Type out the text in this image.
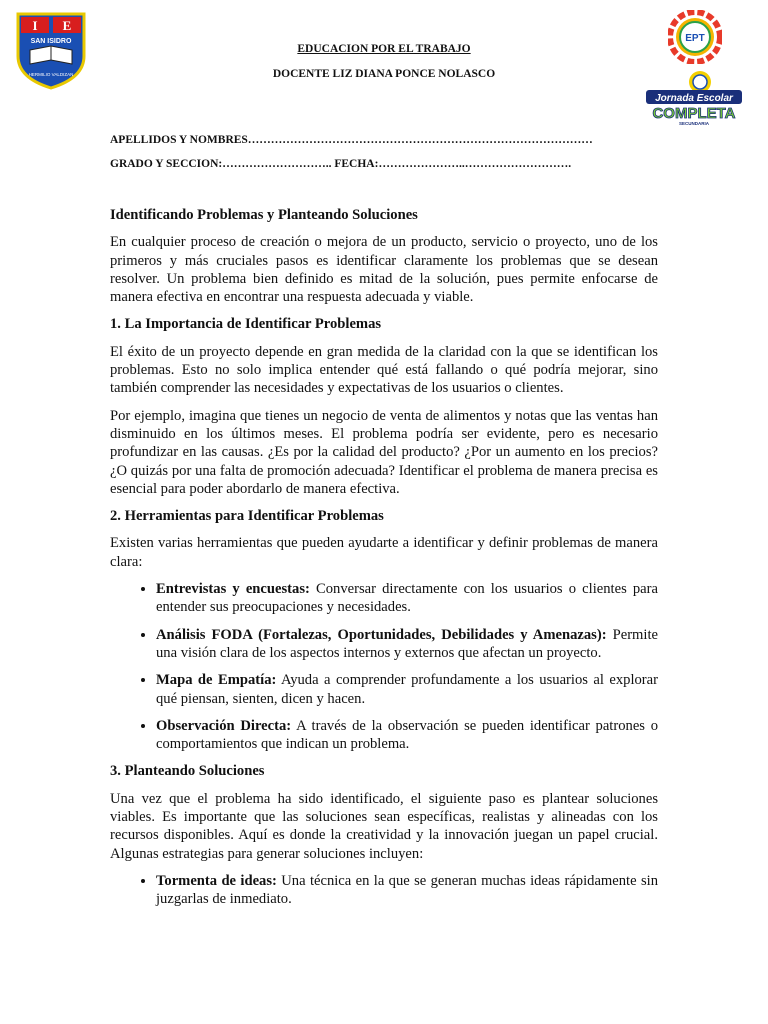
I E
SAN ISIDRO
HERMILIO VALDIZAN
EPT
Jornada Escolar
COMPLETA
SECUNDARIA
EDUCACION POR EL TRABAJO
DOCENTE LIZ DIANA PONCE NOLASCO
APELLIDOS Y NOMBRES………………………………………………………………………………
GRADO Y SECCION:……………………….. FECHA:…………………..……………………….

Identificando Problemas y Planteando Soluciones

En cualquier proceso de creación o mejora de un producto, servicio o proyecto, uno de los primeros y más cruciales pasos es identificar claramente los problemas que se desean resolver. Un problema bien definido es mitad de la solución, pues permite enfocarse de manera efectiva en encontrar una respuesta adecuada y viable.

1. La Importancia de Identificar Problemas

El éxito de un proyecto depende en gran medida de la claridad con la que se identifican los problemas. Esto no solo implica entender qué está fallando o qué podría mejorar, sino también comprender las necesidades y expectativas de los usuarios o clientes.

Por ejemplo, imagina que tienes un negocio de venta de alimentos y notas que las ventas han disminuido en los últimos meses. El problema podría ser evidente, pero es necesario profundizar en las causas. ¿Es por la calidad del producto? ¿Por un aumento en los precios? ¿O quizás por una falta de promoción adecuada? Identificar el problema de manera precisa es esencial para poder abordarlo de manera efectiva.

2. Herramientas para Identificar Problemas

Existen varias herramientas que pueden ayudarte a identificar y definir problemas de manera clara:

• Entrevistas y encuestas: Conversar directamente con los usuarios o clientes para entender sus preocupaciones y necesidades.
• Análisis FODA (Fortalezas, Oportunidades, Debilidades y Amenazas): Permite una visión clara de los aspectos internos y externos que afectan un proyecto.
• Mapa de Empatía: Ayuda a comprender profundamente a los usuarios al explorar qué piensan, sienten, dicen y hacen.
• Observación Directa: A través de la observación se pueden identificar patrones o comportamientos que indican un problema.

3. Planteando Soluciones

Una vez que el problema ha sido identificado, el siguiente paso es plantear soluciones viables. Es importante que las soluciones sean específicas, realistas y alineadas con los recursos disponibles. Aquí es donde la creatividad y la innovación juegan un papel crucial. Algunas estrategias para generar soluciones incluyen:

• Tormenta de ideas: Una técnica en la que se generan muchas ideas rápidamente sin juzgarlas de inmediato.
